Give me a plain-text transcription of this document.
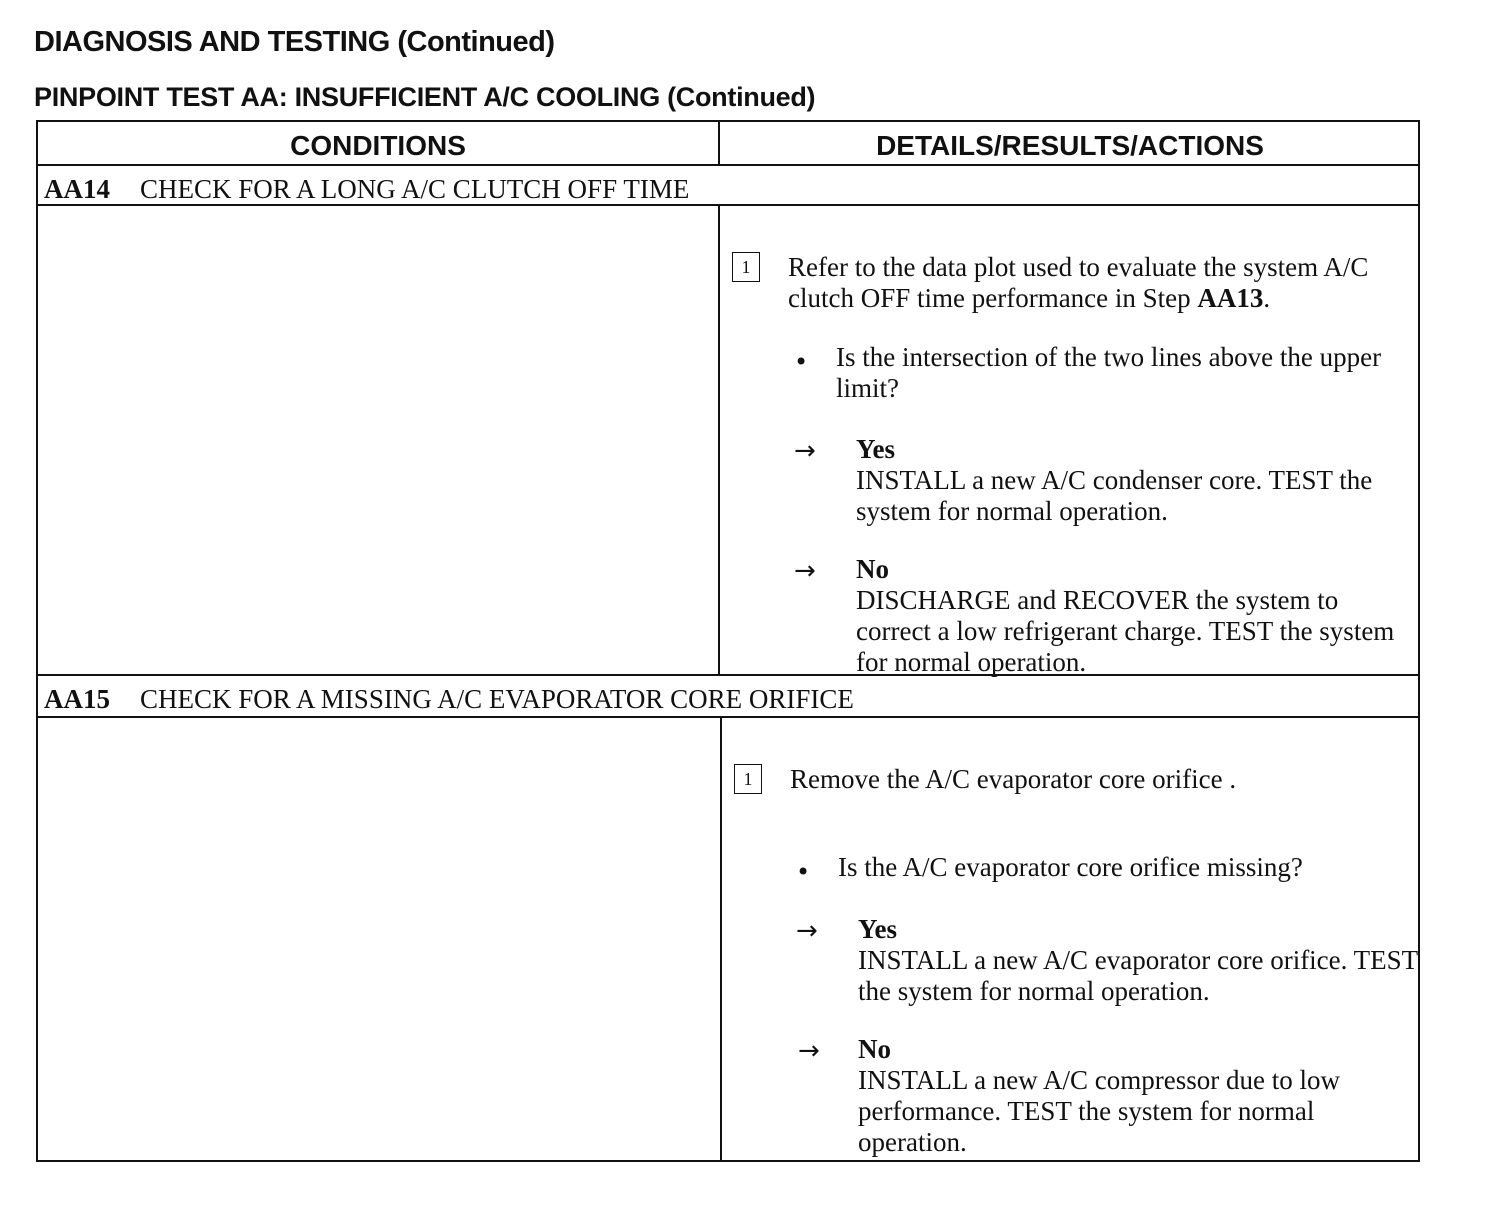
DIAGNOSIS AND TESTING (Continued)
PINPOINT TEST AA: INSUFFICIENT A/C COOLING (Continued)
CONDITIONS	DETAILS/RESULTS/ACTIONS
AA14 CHECK FOR A LONG A/C CLUTCH OFF TIME
1	Refer to the data plot used to evaluate the system A/C clutch OFF time performance in Step AA13.
• Is the intersection of the two lines above the upper limit?
→ Yes
INSTALL a new A/C condenser core. TEST the system for normal operation.
→ No
DISCHARGE and RECOVER the system to correct a low refrigerant charge. TEST the system for normal operation.
AA15 CHECK FOR A MISSING A/C EVAPORATOR CORE ORIFICE
1	Remove the A/C evaporator core orifice .
• Is the A/C evaporator core orifice missing?
→ Yes
INSTALL a new A/C evaporator core orifice. TEST the system for normal operation.
→ No
INSTALL a new A/C compressor due to low performance. TEST the system for normal operation.
